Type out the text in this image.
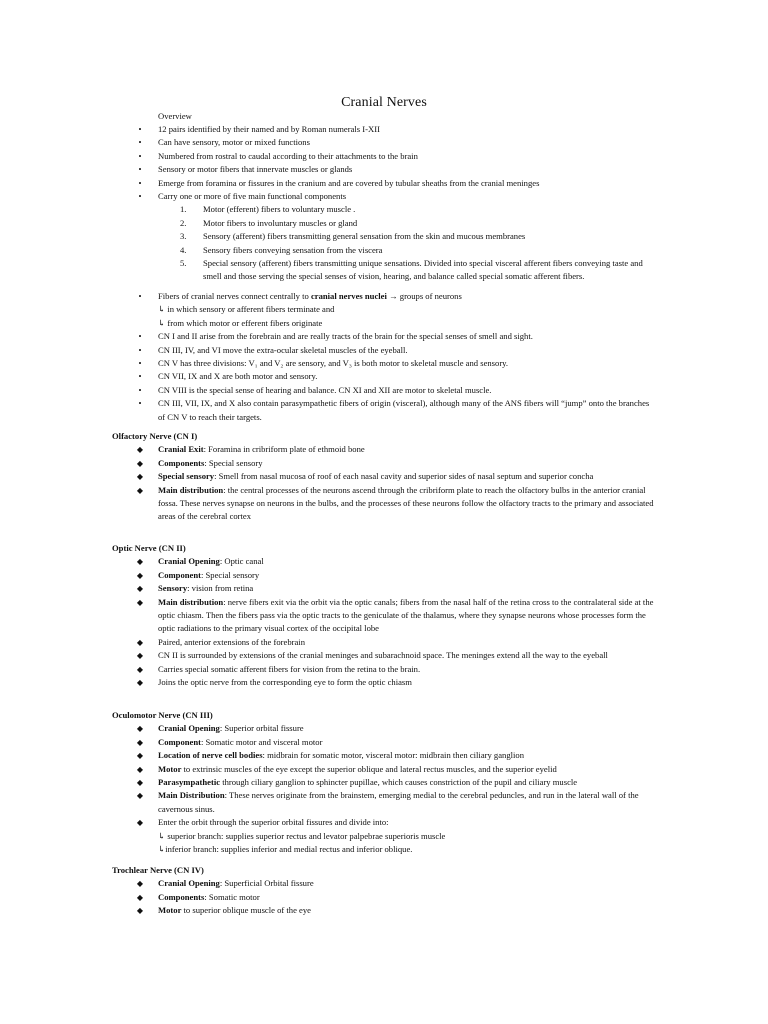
Cranial Nerves
Overview
•	12 pairs identified by their named and by Roman numerals I-XII
•	Can have sensory, motor or mixed functions
•	Numbered from rostral to caudal according to their attachments to the brain
•	Sensory or motor fibers that innervate muscles or glands
•	Emerge from foramina or fissures in the cranium and are covered by tubular sheaths from the cranial meninges
•	Carry one or more of five main functional components
1. Motor (efferent) fibers to voluntary muscle .
2. Motor fibers to involuntary muscles or gland
3. Sensory (afferent) fibers transmitting general sensation from the skin and mucous membranes
4. Sensory fibers conveying sensation from the viscera
5. Special sensory (afferent) fibers transmitting unique sensations. Divided into special visceral afferent fibers conveying taste and smell and those serving the special senses of vision, hearing, and balance called special somatic afferent fibers.
•	Fibers of cranial nerves connect centrally to cranial nerves nuclei → groups of neurons
↳ in which sensory or afferent fibers terminate and
↳ from which motor or efferent fibers originate
•	CN I and II arise from the forebrain and are really tracts of the brain for the special senses of smell and sight.
•	CN III, IV, and VI move the extra-ocular skeletal muscles of the eyeball.
•	CN V has three divisions: V₁ and V₂ are sensory, and V₃ is both motor to skeletal muscle and sensory.
•	CN VII, IX and X are both motor and sensory.
•	CN VIII is the special sense of hearing and balance. CN XI and XII are motor to skeletal muscle.
•	CN III, VII, IX, and X also contain parasympathetic fibers of origin (visceral), although many of the ANS fibers will “jump” onto the branches of CN V to reach their targets.
Olfactory Nerve (CN I)
◆	Cranial Exit: Foramina in cribriform plate of ethmoid bone
◆	Components: Special sensory
◆	Special sensory: Smell from nasal mucosa of roof of each nasal cavity and superior sides of nasal septum and superior concha
◆	Main distribution: the central processes of the neurons ascend through the cribriform plate to reach the olfactory bulbs in the anterior cranial fossa. These nerves synapse on neurons in the bulbs, and the processes of these neurons follow the olfactory tracts to the primary and associated areas of the cerebral cortex
Optic Nerve (CN II)
◆	Cranial Opening: Optic canal
◆	Component: Special sensory
◆	Sensory: vision from retina
◆	Main distribution: nerve fibers exit via the orbit via the optic canals; fibers from the nasal half of the retina cross to the contralateral side at the optic chiasm. Then the fibers pass via the optic tracts to the geniculate of the thalamus, where they synapse neurons whose processes form the optic radiations to the primary visual cortex of the occipital lobe
◆	Paired, anterior extensions of the forebrain
◆	CN II is surrounded by extensions of the cranial meninges and subarachnoid space. The meninges extend all the way to the eyeball
◆	Carries special somatic afferent fibers for vision from the retina to the brain.
◆	Joins the optic nerve from the corresponding eye to form the optic chiasm
Oculomotor Nerve (CN III)
◆	Cranial Opening: Superior orbital fissure
◆	Component: Somatic motor and visceral motor
◆	Location of nerve cell bodies: midbrain for somatic motor, visceral motor: midbrain then ciliary ganglion
◆	Motor to extrinsic muscles of the eye except the superior oblique and lateral rectus muscles, and the superior eyelid
◆	Parasympathetic through ciliary ganglion to sphincter pupillae, which causes constriction of the pupil and ciliary muscle
◆	Main Distribution: These nerves originate from the brainstem, emerging medial to the cerebral peduncles, and run in the lateral wall of the cavernous sinus.
◆	Enter the orbit through the superior orbital fissures and divide into:
↳ superior branch: supplies superior rectus and levator palpebrae superioris muscle
↳inferior branch: supplies inferior and medial rectus and inferior oblique.
Trochlear Nerve (CN IV)
◆	Cranial Opening: Superficial Orbital fissure
◆	Components: Somatic motor
◆	Motor to superior oblique muscle of the eye
